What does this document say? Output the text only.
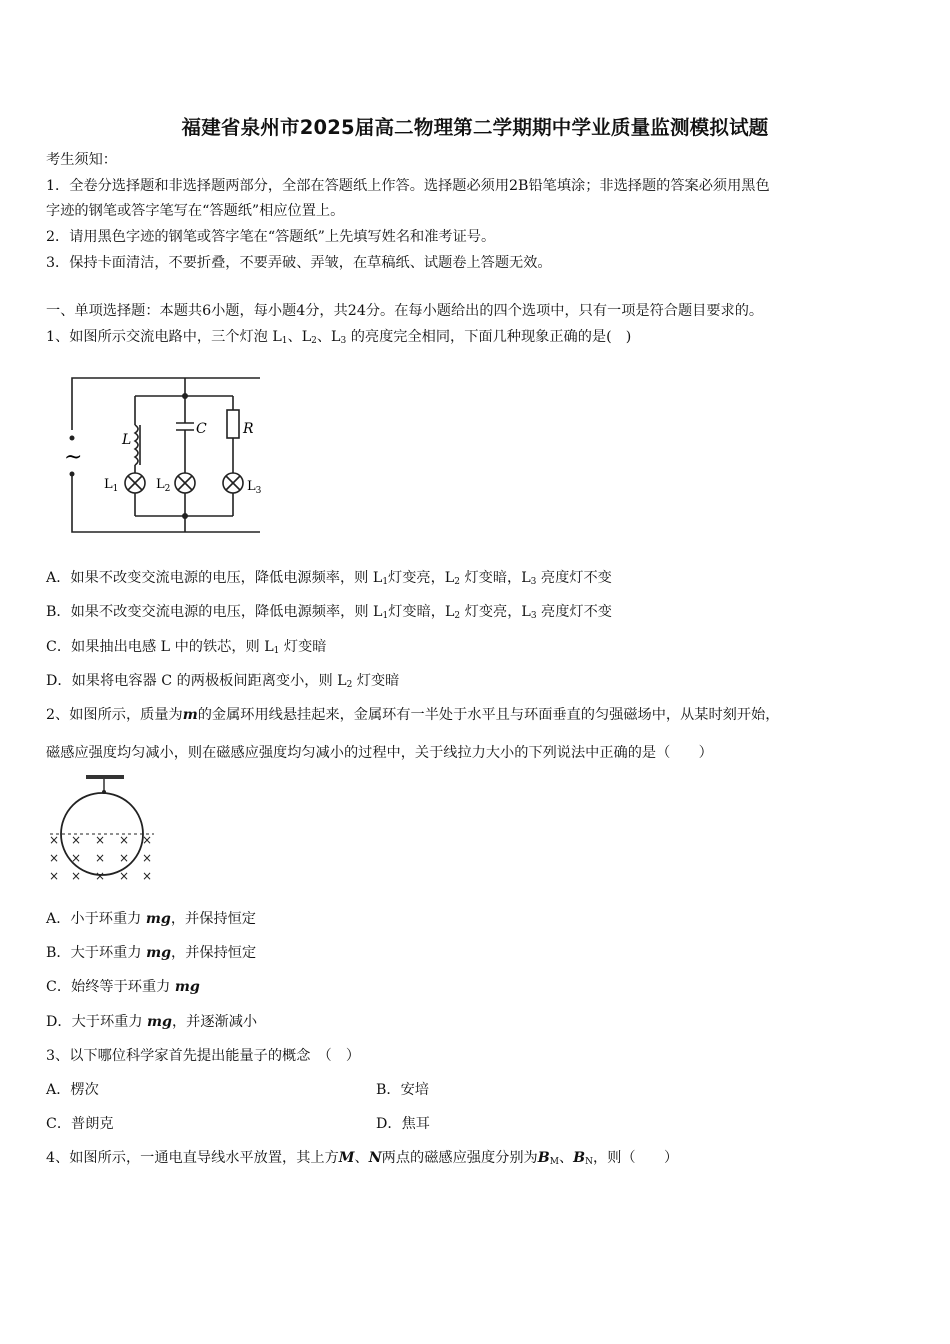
福建省泉州市2025届高二物理第二学期期中学业质量监测模拟试题
考生须知：
1．全卷分选择题和非选择题两部分，全部在答题纸上作答。选择题必须用2B铅笔填涂；非选择题的答案必须用黑色
字迹的钢笔或答字笔写在“答题纸”相应位置上。
2．请用黑色字迹的钢笔或答字笔在“答题纸”上先填写姓名和准考证号。
3．保持卡面清洁，不要折叠，不要弄破、弄皱，在草稿纸、试题卷上答题无效。
一、单项选择题：本题共6小题，每小题4分，共24分。在每小题给出的四个选项中，只有一项是符合题目要求的。
1、如图所示交流电路中，三个灯泡 $L_1$、$L_2$、$L_3$ 的亮度完全相同，下面几种现象正确的是(　)
~
L
C	R
$L_1$	$L_2$	$L_3$
A．如果不改变交流电源的电压，降低电源频率，则 $L_1$灯变亮，$L_2$ 灯变暗，$L_3$ 亮度灯不变
B．如果不改变交流电源的电压，降低电源频率，则 $L_1$灯变暗，$L_2$ 灯变亮，$L_3$ 亮度灯不变
C．如果抽出电感 L 中的铁芯，则 $L_1$ 灯变暗
D．如果将电容器 C 的两极板间距离变小，则 $L_2$ 灯变暗
2、如图所示，质量为m的金属环用线悬挂起来，金属环有一半处于水平且与环面垂直的匀强磁场中，从某时刻开始，
磁感应强度均匀减小，则在磁感应强度均匀减小的过程中，关于线拉力大小的下列说法中正确的是（　　）
× × × × ×
× × × × ×
× × × × ×
A．小于环重力 mg，并保持恒定
B．大于环重力 mg，并保持恒定
C．始终等于环重力 mg
D．大于环重力 mg，并逐渐减小
3、以下哪位科学家首先提出能量子的概念　（　）
A．楞次	B．安培
C．普朗克	D．焦耳
4、如图所示，一通电直导线水平放置，其上方M、N两点的磁感应强度分别为$B_M$、$B_N$，则（　　）
